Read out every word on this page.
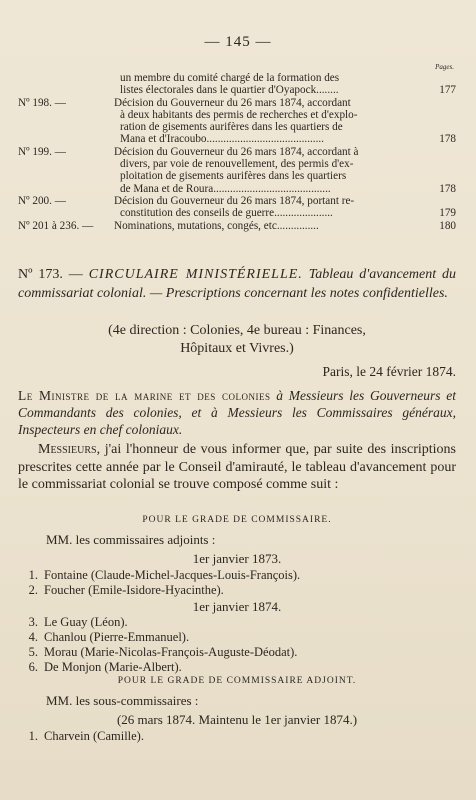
— 145 —
Pages.
un membre du comité chargé de la formation des
listes électorales dans le quartier d'Oyapock........	177
Nº 198. —	Décision du Gouverneur du 26 mars 1874, accordant
à deux habitants des permis de recherches et d'explo-
ration de gisements aurifères dans les quartiers de
Mana et d'Iracoubo..........................................	178
Nº 199. —	Décision du Gouverneur du 26 mars 1874, accordant à
divers, par voie de renouvellement, des permis d'ex-
ploitation de gisements aurifères dans les quartiers
de Mana et de Roura..........................................	178
Nº 200. —	Décision du Gouverneur du 26 mars 1874, portant re-
constitution des conseils de guerre.....................	179
Nº 201 à 236. —	Nominations, mutations, congés, etc...............	180
Nº 173. — CIRCULAIRE MINISTÉRIELLE. Tableau d'avancement du commissariat colonial. — Prescriptions concernant les notes confidentielles.
(4e direction : Colonies, 4e bureau : Finances,
Hôpitaux et Vivres.)
Paris, le 24 février 1874.
Le Ministre de la marine et des colonies à Messieurs les Gouverneurs et Commandants des colonies, et à Messieurs les Commissaires généraux, Inspecteurs en chef coloniaux.
Messieurs, j'ai l'honneur de vous informer que, par suite des inscriptions prescrites cette année par le Conseil d'amirauté, le tableau d'avancement pour le commissariat colonial se trouve composé comme suit :
POUR LE GRADE DE COMMISSAIRE.
MM. les commissaires adjoints :
1er janvier 1873.
1. Fontaine (Claude-Michel-Jacques-Louis-François).
2. Foucher (Emile-Isidore-Hyacinthe).
1er janvier 1874.
3. Le Guay (Léon).
4. Chanlou (Pierre-Emmanuel).
5. Morau (Marie-Nicolas-François-Auguste-Déodat).
6. De Monjon (Marie-Albert).
POUR LE GRADE DE COMMISSAIRE ADJOINT.
MM. les sous-commissaires :
(26 mars 1874. Maintenu le 1er janvier 1874.)
1. Charvein (Camille).
